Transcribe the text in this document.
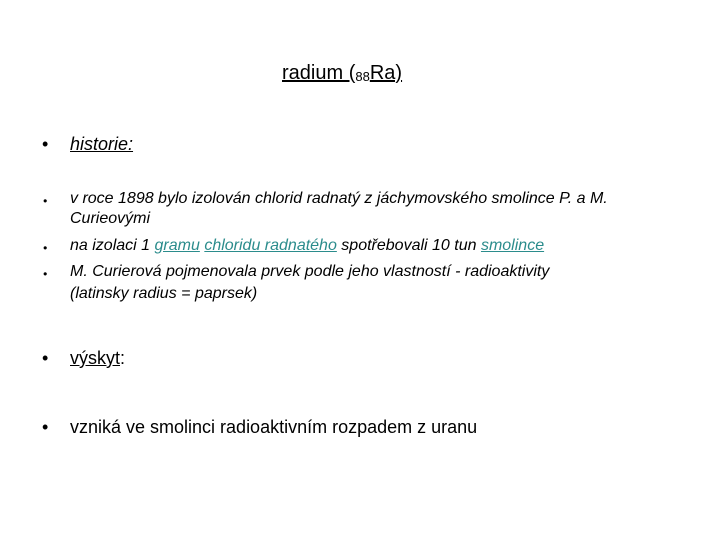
radium $(_{88}Ra)$
• historie:
• v roce 1898 bylo izolován chlorid radnatý z jáchymovského smolince P. a M.
Curieovými
• na izolaci 1 gramu chloridu radnatého spotřebovali 10 tun smolince
• M. Curierová pojmenovala prvek podle jeho vlastností - radioaktivity
(latinsky radius = paprsek)
• výskyt:
• vzniká ve smolinci radioaktivním rozpadem z uranu
